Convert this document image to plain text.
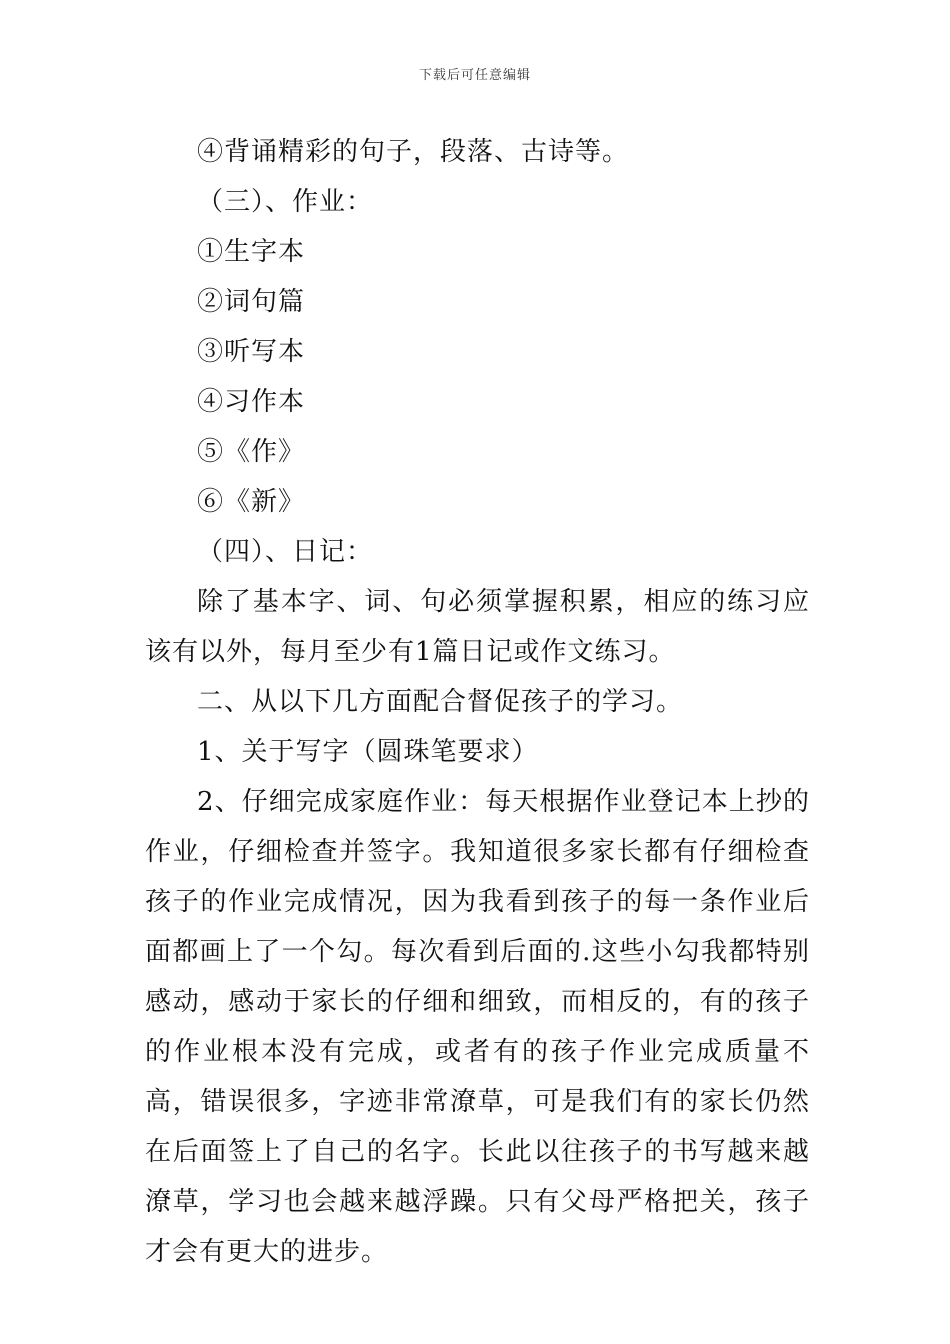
下载后可任意编辑
④背诵精彩的句子，段落、古诗等。
（三）、作业：
①生字本
②词句篇
③听写本
④习作本
⑤《作》
⑥《新》
（四）、日记：
除了基本字、词、句必须掌握积累，相应的练习应该有以外，每月至少有1篇日记或作文练习。
二、从以下几方面配合督促孩子的学习。
1、关于写字（圆珠笔要求）
2、仔细完成家庭作业：每天根据作业登记本上抄的作业，仔细检查并签字。我知道很多家长都有仔细检查孩子的作业完成情况，因为我看到孩子的每一条作业后面都画上了一个勾。每次看到后面的.这些小勾我都特别感动，感动于家长的仔细和细致，而相反的，有的孩子的作业根本没有完成，或者有的孩子作业完成质量不高，错误很多，字迹非常潦草，可是我们有的家长仍然在后面签上了自己的名字。长此以往孩子的书写越来越潦草，学习也会越来越浮躁。只有父母严格把关，孩子才会有更大的进步。
